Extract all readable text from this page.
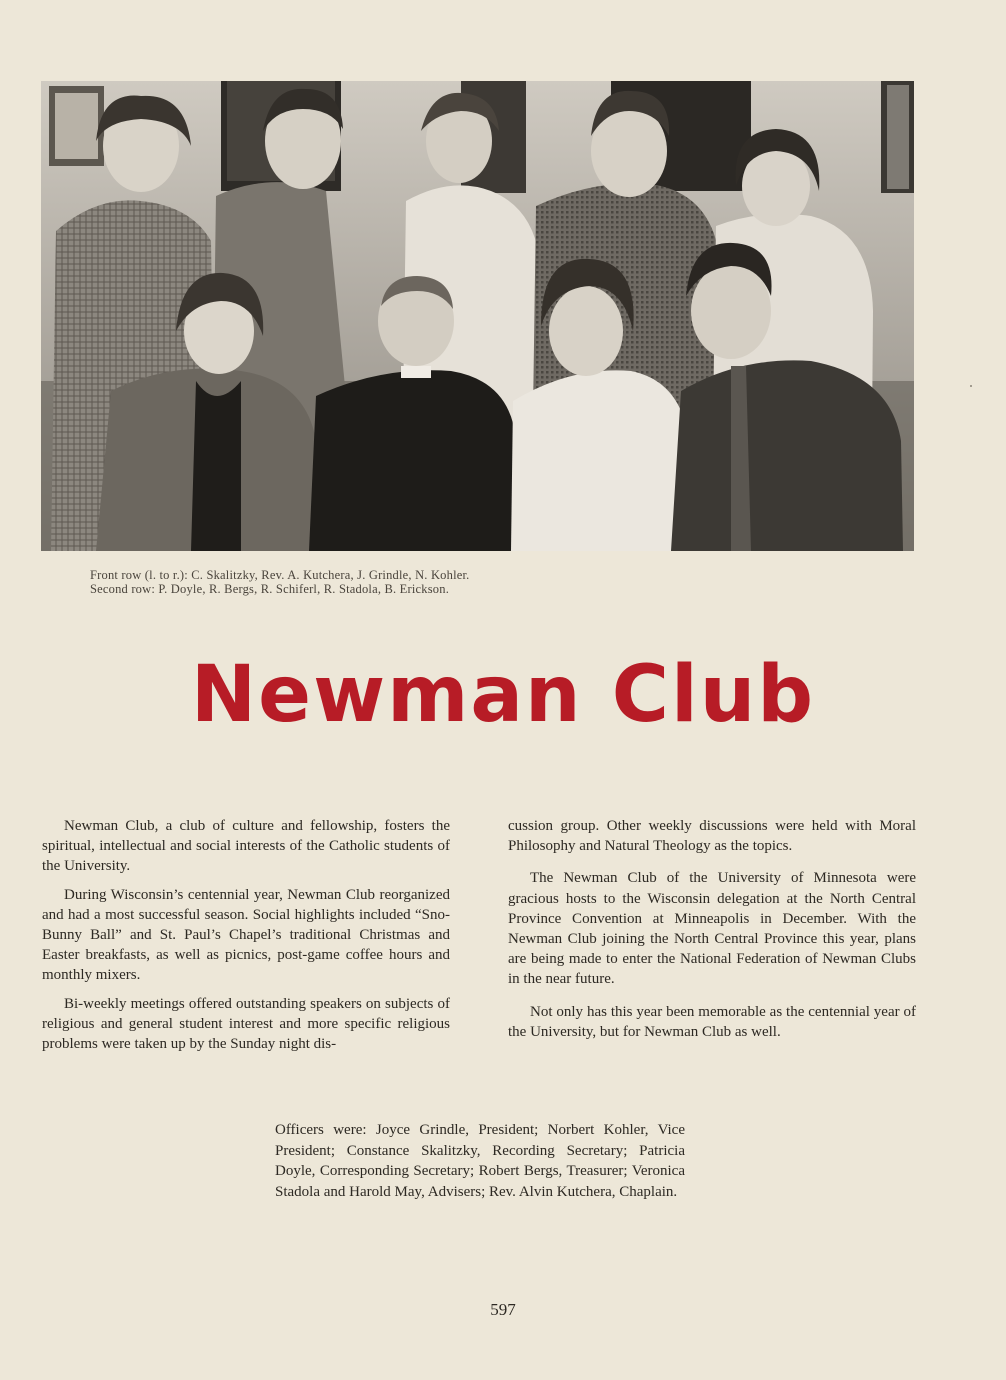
Front row (l. to r.): C. Skalitzky, Rev. A. Kutchera, J. Grindle, N. Kohler.
Second row: P. Doyle, R. Bergs, R. Schiferl, R. Stadola, B. Erickson.
Newman Club

Newman Club, a club of culture and fellowship, fosters the spiritual, intellectual and social interests of the Catholic students of the University.

During Wisconsin’s centennial year, Newman Club reorganized and had a most successful season. Social highlights included “Sno-Bunny Ball” and St. Paul’s Chapel’s traditional Christmas and Easter breakfasts, as well as picnics, post-game coffee hours and monthly mixers.

Bi-weekly meetings offered outstanding speakers on subjects of religious and general student interest and more specific religious problems were taken up by the Sunday night dis-

cussion group. Other weekly discussions were held with Moral Philosophy and Natural Theology as the topics.

The Newman Club of the University of Minnesota were gracious hosts to the Wisconsin delegation at the North Central Province Convention at Minneapolis in December. With the Newman Club joining the North Central Province this year, plans are being made to enter the National Federation of Newman Clubs in the near future.

Not only has this year been memorable as the centennial year of the University, but for Newman Club as well.

Officers were: Joyce Grindle, President; Norbert Kohler, Vice President; Constance Skalitzky, Recording Secretary; Patricia Doyle, Corresponding Secretary; Robert Bergs, Treasurer; Veronica Stadola and Harold May, Advisers; Rev. Alvin Kutchera, Chaplain.
597
